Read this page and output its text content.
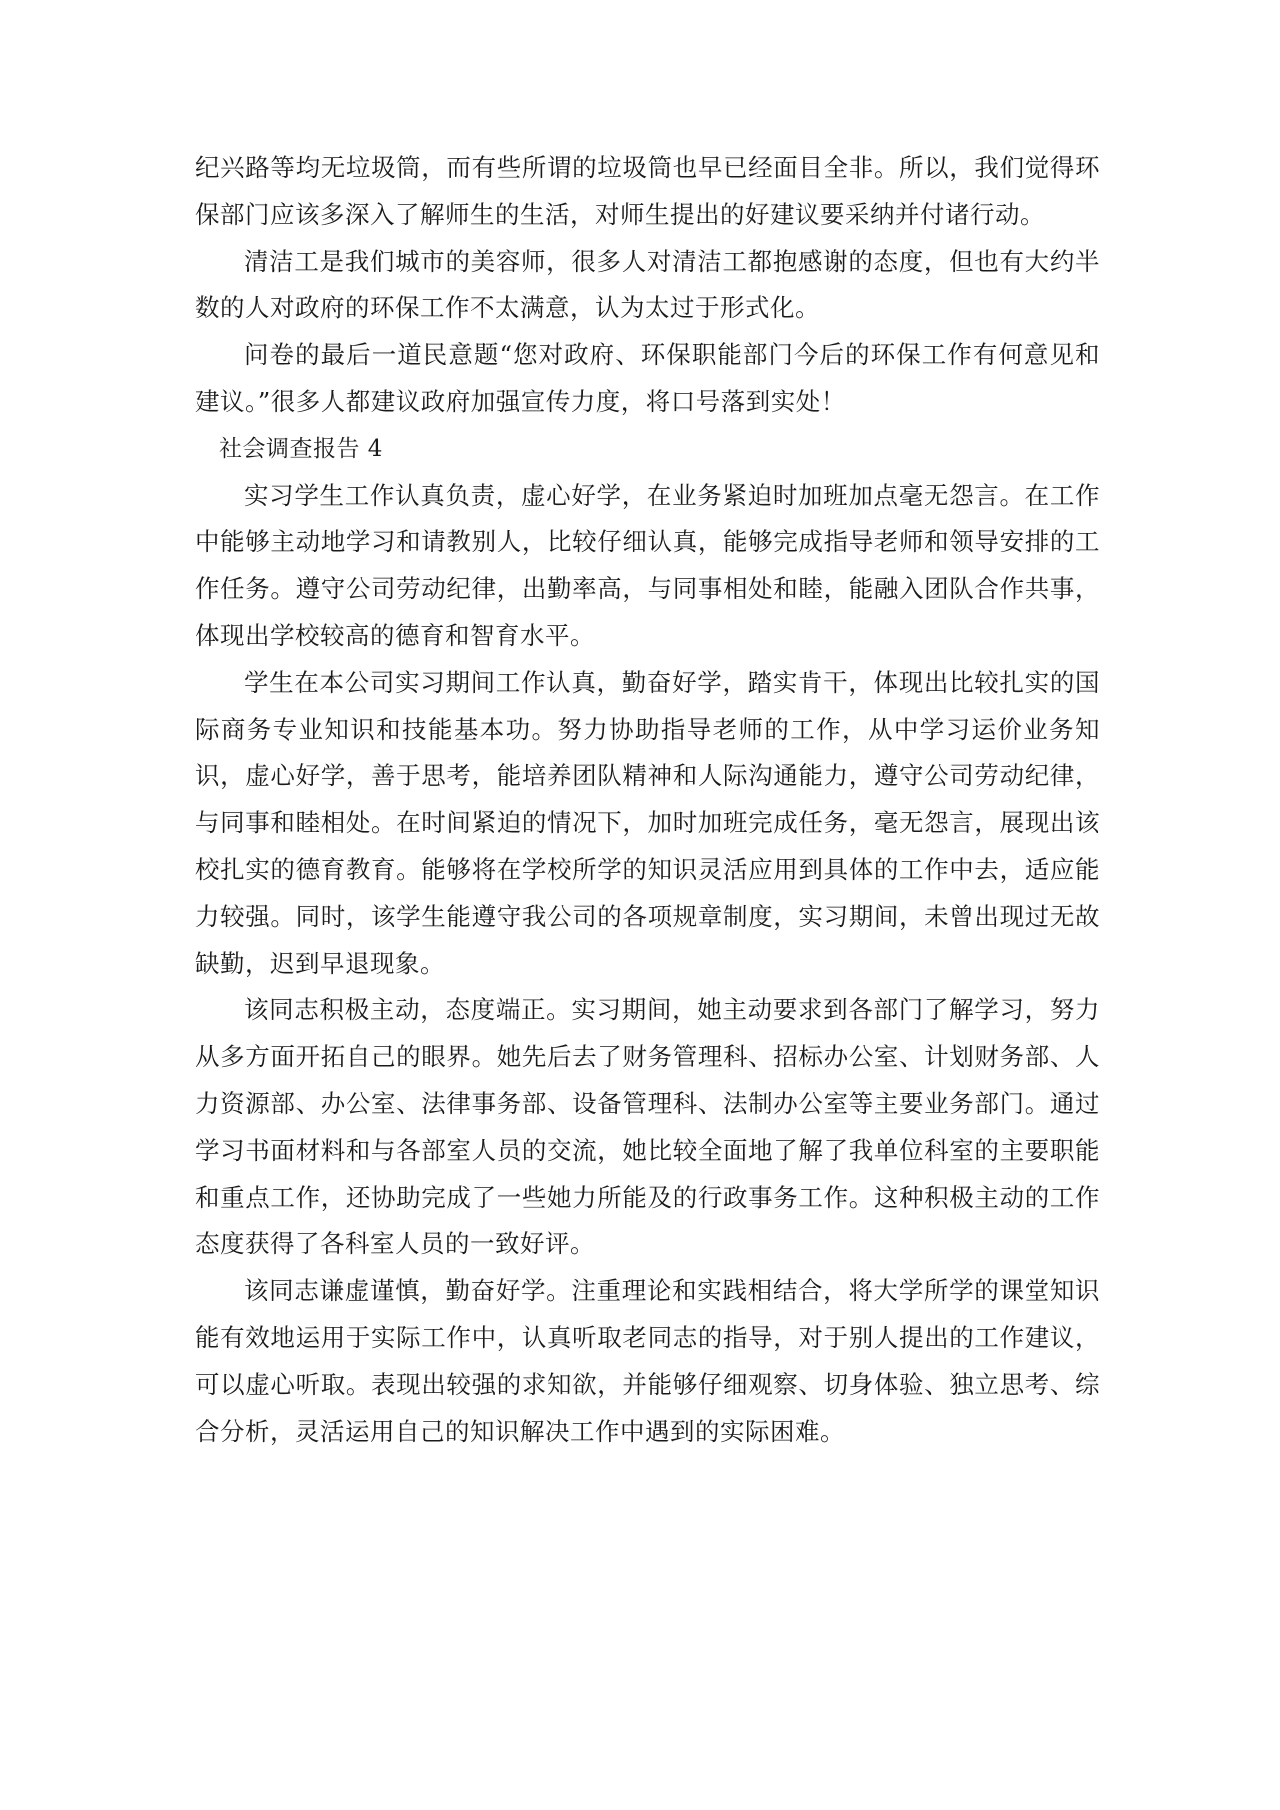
纪兴路等均无垃圾筒，而有些所谓的垃圾筒也早已经面目全非。所以，我们觉得环保部门应该多深入了解师生的生活，对师生提出的好建议要采纳并付诸行动。

清洁工是我们城市的美容师，很多人对清洁工都抱感谢的态度，但也有大约半数的人对政府的环保工作不太满意，认为太过于形式化。

问卷的最后一道民意题“您对政府、环保职能部门今后的环保工作有何意见和建议。”很多人都建议政府加强宣传力度，将口号落到实处！

社会调查报告 4

实习学生工作认真负责，虚心好学，在业务紧迫时加班加点毫无怨言。在工作中能够主动地学习和请教别人，比较仔细认真，能够完成指导老师和领导安排的工作任务。遵守公司劳动纪律，出勤率高，与同事相处和睦，能融入团队合作共事，体现出学校较高的德育和智育水平。

学生在本公司实习期间工作认真，勤奋好学，踏实肯干，体现出比较扎实的国际商务专业知识和技能基本功。努力协助指导老师的工作，从中学习运价业务知识，虚心好学，善于思考，能培养团队精神和人际沟通能力，遵守公司劳动纪律，与同事和睦相处。在时间紧迫的情况下，加时加班完成任务，毫无怨言，展现出该校扎实的德育教育。能够将在学校所学的知识灵活应用到具体的工作中去，适应能力较强。同时，该学生能遵守我公司的各项规章制度，实习期间，未曾出现过无故缺勤，迟到早退现象。

该同志积极主动，态度端正。实习期间，她主动要求到各部门了解学习，努力从多方面开拓自己的眼界。她先后去了财务管理科、招标办公室、计划财务部、人力资源部、办公室、法律事务部、设备管理科、法制办公室等主要业务部门。通过学习书面材料和与各部室人员的交流，她比较全面地了解了我单位科室的主要职能和重点工作，还协助完成了一些她力所能及的行政事务工作。这种积极主动的工作态度获得了各科室人员的一致好评。

该同志谦虚谨慎，勤奋好学。注重理论和实践相结合，将大学所学的课堂知识能有效地运用于实际工作中，认真听取老同志的指导，对于别人提出的工作建议，可以虚心听取。表现出较强的求知欲，并能够仔细观察、切身体验、独立思考、综合分析，灵活运用自己的知识解决工作中遇到的实际困难。
